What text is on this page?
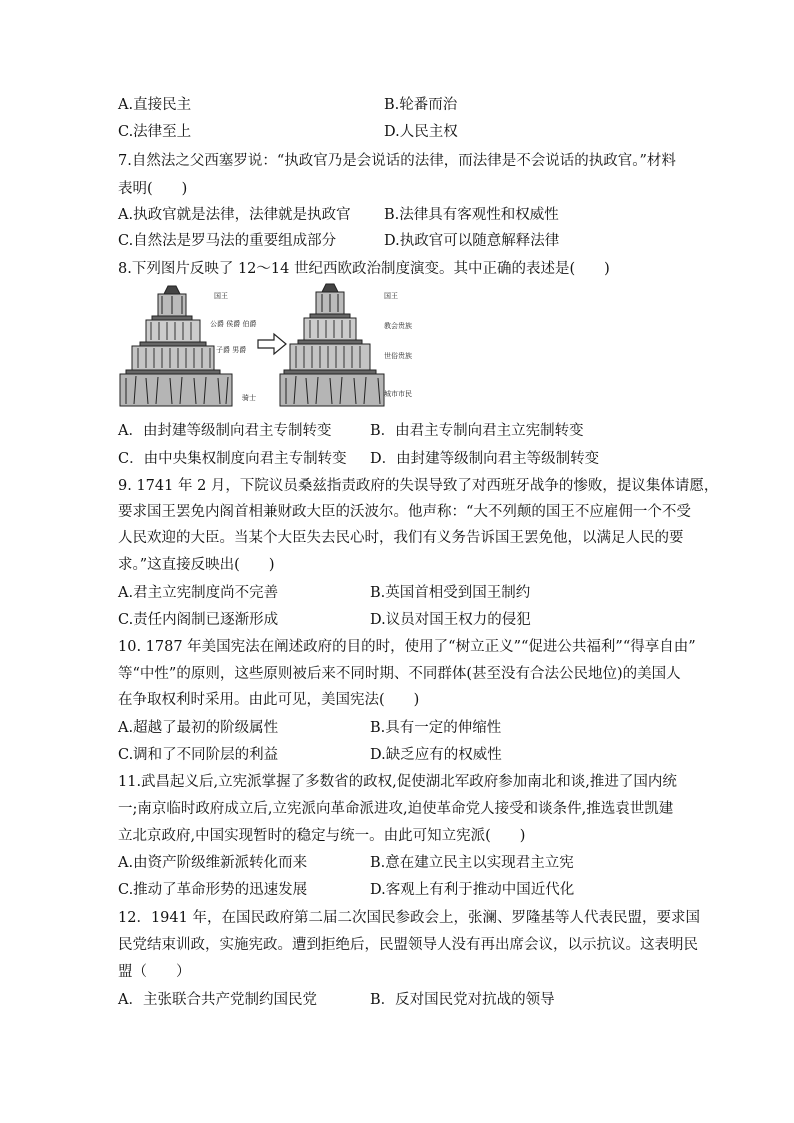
A.直接民主	B.轮番而治
C.法律至上	D.人民主权
7.自然法之父西塞罗说：“执政官乃是会说话的法律，而法律是不会说话的执政官。”材料
表明(　　)
A.执政官就是法律，法律就是执政官 B.法律具有客观性和权威性
C.自然法是罗马法的重要组成部分	D.执政官可以随意解释法律
8.下列图片反映了 12～14 世纪西欧政治制度演变。其中正确的表述是(　　)
国王
公爵 侯爵 伯爵
子爵 男爵
骑士
国王
教会贵族
世俗贵族
城市市民
A．由封建等级制向君主专制转变	B．由君主专制向君主立宪制转变
C．由中央集权制度向君主专制转变 D．由封建等级制向君主等级制转变
9. 1741 年 2 月，下院议员桑兹指责政府的失误导致了对西班牙战争的惨败，提议集体请愿，
要求国王罢免内阁首相兼财政大臣的沃波尔。他声称：“大不列颠的国王不应雇佣一个不受
人民欢迎的大臣。当某个大臣失去民心时，我们有义务告诉国王罢免他，以满足人民的要
求。”这直接反映出(　　)
A.君主立宪制度尚不完善	B.英国首相受到国王制约
C.责任内阁制已逐渐形成	D.议员对国王权力的侵犯
10. 1787 年美国宪法在阐述政府的目的时，使用了“树立正义”“促进公共福利”“得享自由”
等“中性”的原则，这些原则被后来不同时期、不同群体(甚至没有合法公民地位)的美国人
在争取权利时采用。由此可见，美国宪法(　　)
A.超越了最初的阶级属性	B.具有一定的伸缩性
C.调和了不同阶层的利益	D.缺乏应有的权威性
11.武昌起义后,立宪派掌握了多数省的政权,促使湖北军政府参加南北和谈,推进了国内统
一;南京临时政府成立后,立宪派向革命派进攻,迫使革命党人接受和谈条件,推选袁世凯建
立北京政府,中国实现暂时的稳定与统一。由此可知立宪派(　　)
A.由资产阶级维新派转化而来	B.意在建立民主以实现君主立宪
C.推动了革命形势的迅速发展	D.客观上有利于推动中国近代化
12．1941 年，在国民政府第二届二次国民参政会上，张澜、罗隆基等人代表民盟，要求国
民党结束训政，实施宪政。遭到拒绝后，民盟领导人没有再出席会议，以示抗议。这表明民
盟（　　）
A．主张联合共产党制约国民党	B．反对国民党对抗战的领导
